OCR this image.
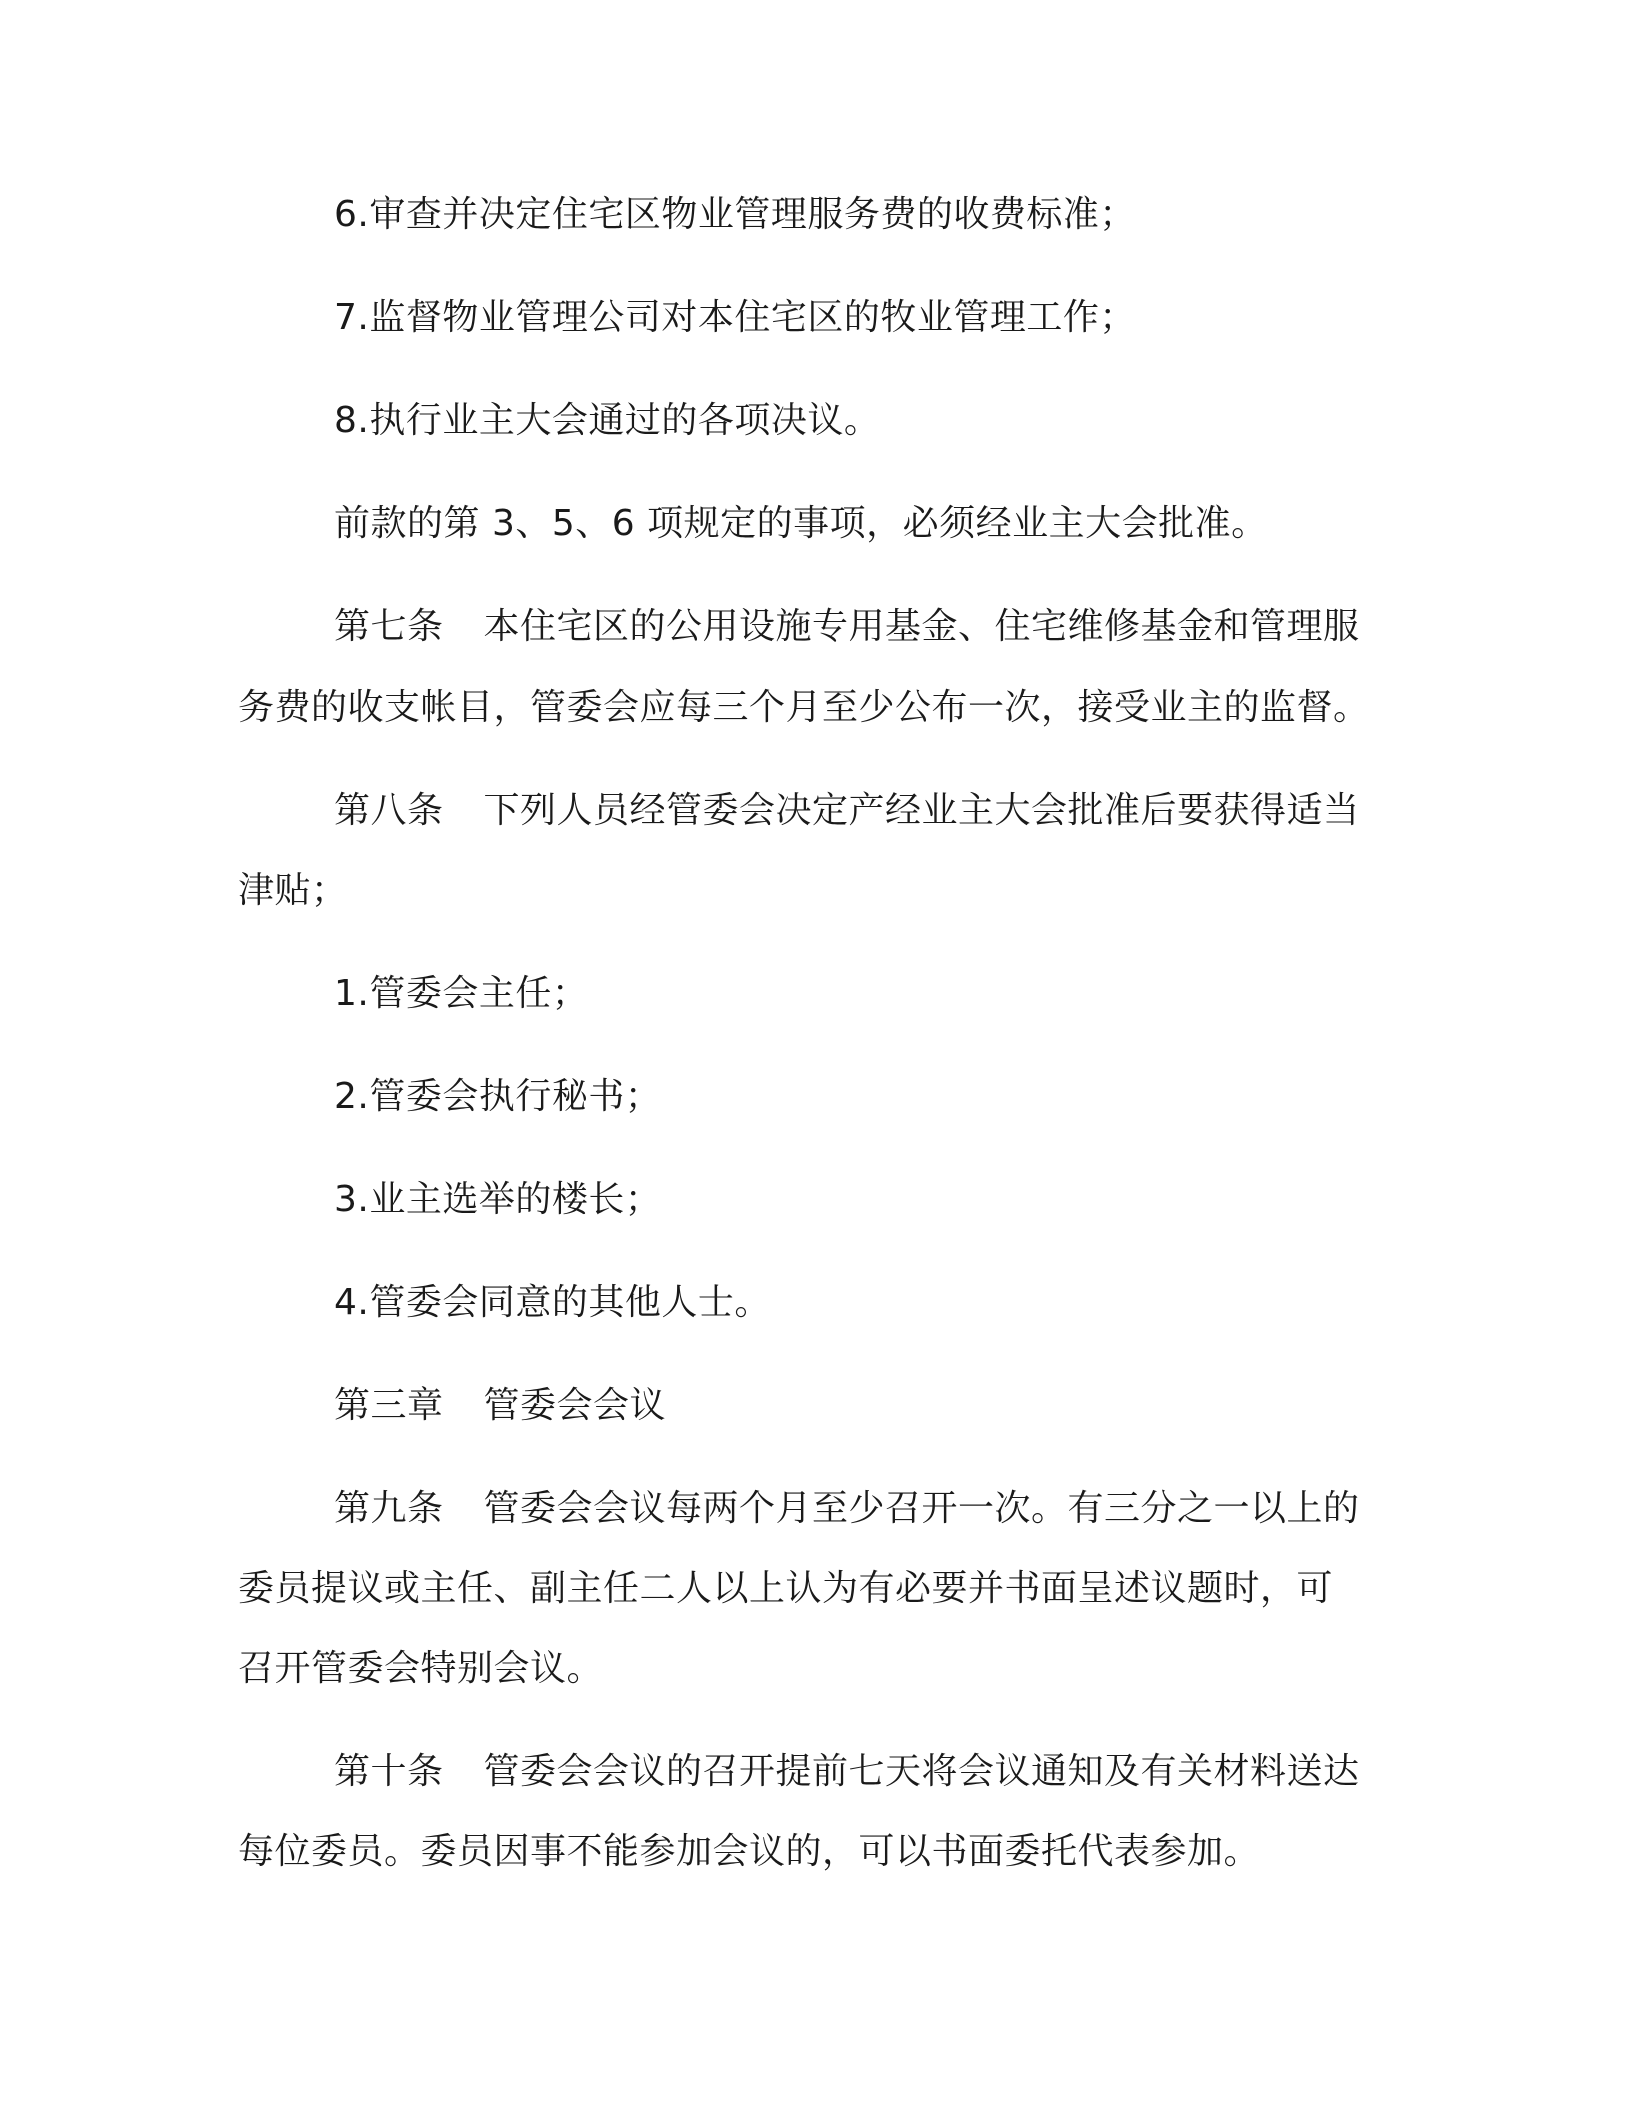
6.审查并决定住宅区物业管理服务费的收费标准；
7.监督物业管理公司对本住宅区的牧业管理工作；
8.执行业主大会通过的各项决议。
前款的第 3、5、6 项规定的事项，必须经业主大会批准。
第七条 本住宅区的公用设施专用基金、住宅维修基金和管理服
务费的收支帐目，管委会应每三个月至少公布一次，接受业主的监督。
第八条 下列人员经管委会决定产经业主大会批准后要获得适当
津贴；
1.管委会主任；
2.管委会执行秘书；
3.业主选举的楼长；
4.管委会同意的其他人士。
第三章 管委会会议
第九条 管委会会议每两个月至少召开一次。有三分之一以上的
委员提议或主任、副主任二人以上认为有必要并书面呈述议题时，可
召开管委会特别会议。
第十条 管委会会议的召开提前七天将会议通知及有关材料送达
每位委员。委员因事不能参加会议的，可以书面委托代表参加。
